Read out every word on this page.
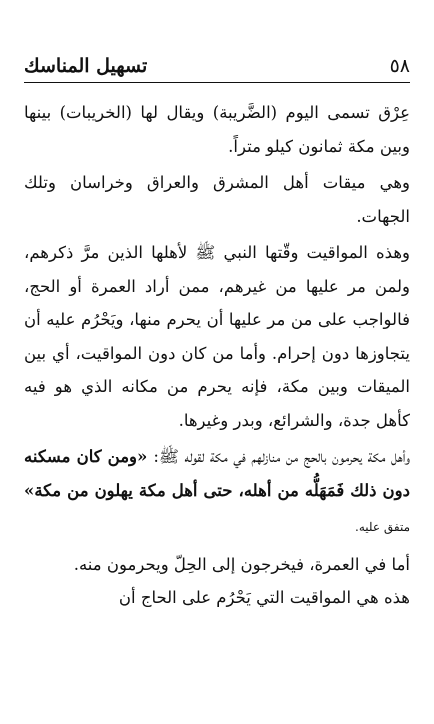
تسهيل المناسك	٥٨

عِرْق تسمى اليوم (الضَّريبة) ويقال لها (الخريبات) بينها وبين مكة ثمانون كيلو متراً.

وهي ميقات أهل المشرق والعراق وخراسان وتلك الجهات.

وهذه المواقيت وقّتها النبي ﷺ لأهلها الذين مرَّ ذكرهم، ولمن مر عليها من غيرهم، ممن أراد العمرة أو الحج، فالواجب على من مر عليها أن يحرم منها، ويَحْرُم عليه أن يتجاوزها دون إحرام. وأما من كان دون المواقيت، أي بين الميقات وبين مكة، فإنه يحرم من مكانه الذي هو فيه كأهل جدة، والشرائع، وبدر وغيرها.

وأهل مكة يحرمون بالحج من منازلهم في مكة لقوله ﷺ: «ومن كان مسكنه دون ذلك فَمَهَلُّه من أهله، حتى أهل مكة يهلون من مكة» متفق عليه.

أما في العمرة، فيخرجون إلى الحِلّ ويحرمون منه.

هذه هي المواقيت التي يَحْرُم على الحاج أن
